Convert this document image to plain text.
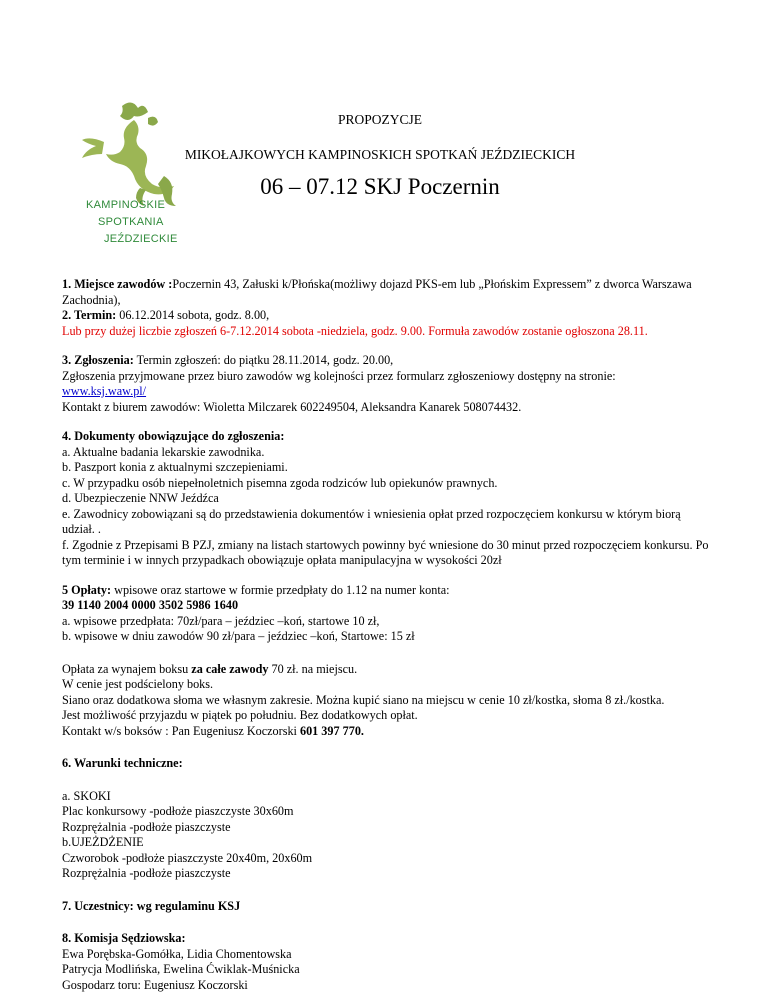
KAMPINOSKIE
SPOTKANIA
JEŹDZIECKIE
PROPOZYCJE
MIKOŁAJKOWYCH KAMPINOSKICH SPOTKAŃ JEŹDZIECKICH
06 – 07.12 SKJ Poczernin

1. Miejsce zawodów :Poczernin 43, Załuski k/Płońska(możliwy dojazd PKS-em lub „Płońskim Expressem” z dworca Warszawa Zachodnia),

2. Termin: 06.12.2014 sobota, godz. 8.00,

Lub przy dużej liczbie zgłoszeń 6-7.12.2014 sobota -niedziela, godz. 9.00. Formuła zawodów zostanie ogłoszona 28.11.

3. Zgłoszenia: Termin zgłoszeń: do piątku 28.11.2014, godz. 20.00,

Zgłoszenia przyjmowane przez biuro zawodów wg kolejności przez formularz zgłoszeniowy dostępny na stronie:

www.ksj.waw.pl/

Kontakt z biurem zawodów: Wioletta Milczarek 602249504, Aleksandra Kanarek 508074432.

4. Dokumenty obowiązujące do zgłoszenia:

a. Aktualne badania lekarskie zawodnika.

b. Paszport konia z aktualnymi szczepieniami.

c. W przypadku osób niepełnoletnich pisemna zgoda rodziców lub opiekunów prawnych.

d. Ubezpieczenie NNW Jeźdźca

e. Zawodnicy zobowiązani są do przedstawienia dokumentów i wniesienia opłat przed rozpoczęciem konkursu w którym biorą udział. .

f. Zgodnie z Przepisami B PZJ, zmiany na listach startowych powinny być wniesione do 30 minut przed rozpoczęciem konkursu. Po tym terminie i w innych przypadkach obowiązuje opłata manipulacyjna w wysokości 20zł

5 Opłaty: wpisowe oraz startowe w formie przedpłaty do 1.12 na numer konta:

39 1140 2004 0000 3502 5986 1640

a. wpisowe przedpłata: 70zł/para – jeździec –koń, startowe 10 zł,

b. wpisowe w dniu zawodów 90 zł/para – jeździec –koń, Startowe: 15 zł

Opłata za wynajem boksu za całe zawody 70 zł. na miejscu.

W cenie jest podścielony boks.

Siano oraz dodatkowa słoma we własnym zakresie. Można kupić siano na miejscu w cenie 10 zł/kostka, słoma 8 zł./kostka.

Jest możliwość przyjazdu w piątek po południu. Bez dodatkowych opłat.

Kontakt w/s boksów : Pan Eugeniusz Koczorski 601 397 770.

6. Warunki techniczne:

a. SKOKI

Plac konkursowy -podłoże piaszczyste 30x60m

Rozprężalnia -podłoże piaszczyste

b.UJEŻDŻENIE

Czworobok -podłoże piaszczyste 20x40m, 20x60m

Rozprężalnia -podłoże piaszczyste

7. Uczestnicy: wg regulaminu KSJ

8. Komisja Sędziowska:

Ewa Porębska-Gomółka, Lidia Chomentowska

Patrycja Modlińska, Ewelina Ćwiklak-Muśnicka

Gospodarz toru: Eugeniusz Koczorski
